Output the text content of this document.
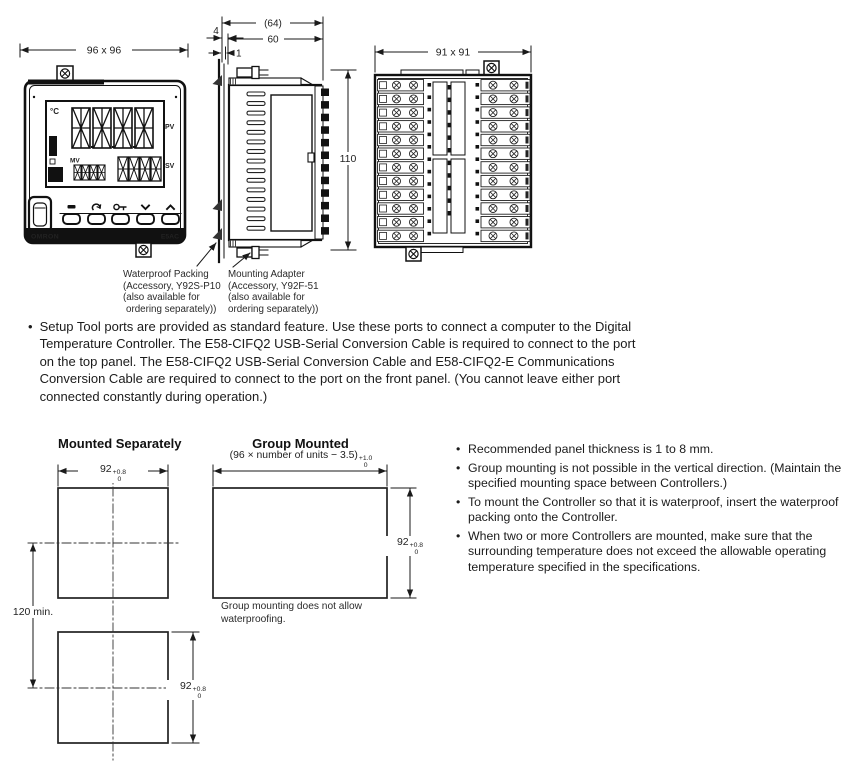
96 x 96
°C
PV
MV
SV
OMRON	E5AC
(64)
60
4
1
110
91 x 91
Waterproof Packing
(Accessory, Y92S-P10
(also available for
ordering separately))
Mounting Adapter
(Accessory, Y92F-51
(also available for
ordering separately))
• Setup Tool ports are provided as standard feature. Use these ports to connect a computer to the Digital Temperature Controller. The E58-CIFQ2 USB-Serial Conversion Cable is required to connect to the port on the top panel. The E58-CIFQ2 USB-Serial Conversion Cable and E58-CIFQ2-E Communications Conversion Cable are required to connect to the port on the front panel. (You cannot leave either port connected constantly during operation.)
Mounted Separately	Group Mounted
(96 × number of units − 3.5) +1.0
0
92 +0.8
0
120 min.
92 +0.8
0
92 +0.8
0
Group mounting does not allow waterproofing.
• Recommended panel thickness is 1 to 8 mm.
• Group mounting is not possible in the vertical direction. (Maintain the specified mounting space between Controllers.)
• To mount the Controller so that it is waterproof, insert the waterproof packing onto the Controller.
• When two or more Controllers are mounted, make sure that the surrounding temperature does not exceed the allowable operating temperature specified in the specifications.
